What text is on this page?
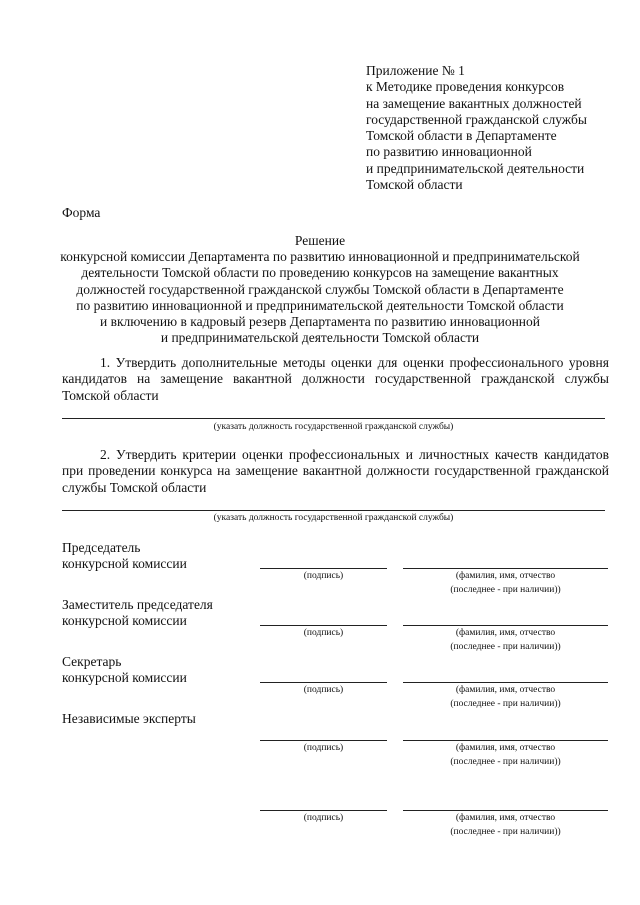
Приложение № 1
к Методике проведения конкурсов
на замещение вакантных должностей
государственной гражданской службы
Томской области в Департаменте
по развитию инновационной
и предпринимательской деятельности
Томской области
Форма
Решение
конкурсной комиссии Департамента по развитию инновационной и предпринимательской
деятельности Томской области по проведению конкурсов на замещение вакантных
должностей государственной гражданской службы Томской области в Департаменте
по развитию инновационной и предпринимательской деятельности Томской области
и включению в кадровый резерв Департамента по развитию инновационной
и предпринимательской деятельности Томской области
1. Утвердить дополнительные методы оценки для оценки профессионального уровня кандидатов на замещение вакантной должности государственной гражданской службы Томской области
(указать должность государственной гражданской службы)
2. Утвердить критерии оценки профессиональных и личностных качеств кандидатов при проведении конкурса на замещение вакантной должности государственной гражданской службы Томской области
(указать должность государственной гражданской службы)
Председатель
конкурсной комиссии
(подпись)	(фамилия, имя, отчество
(последнее - при наличии))
Заместитель председателя
конкурсной комиссии
(подпись)	(фамилия, имя, отчество
(последнее - при наличии))
Секретарь
конкурсной комиссии
(подпись)	(фамилия, имя, отчество
(последнее - при наличии))
Независимые эксперты
(подпись)	(фамилия, имя, отчество
(последнее - при наличии))
(подпись)	(фамилия, имя, отчество
(последнее - при наличии))
